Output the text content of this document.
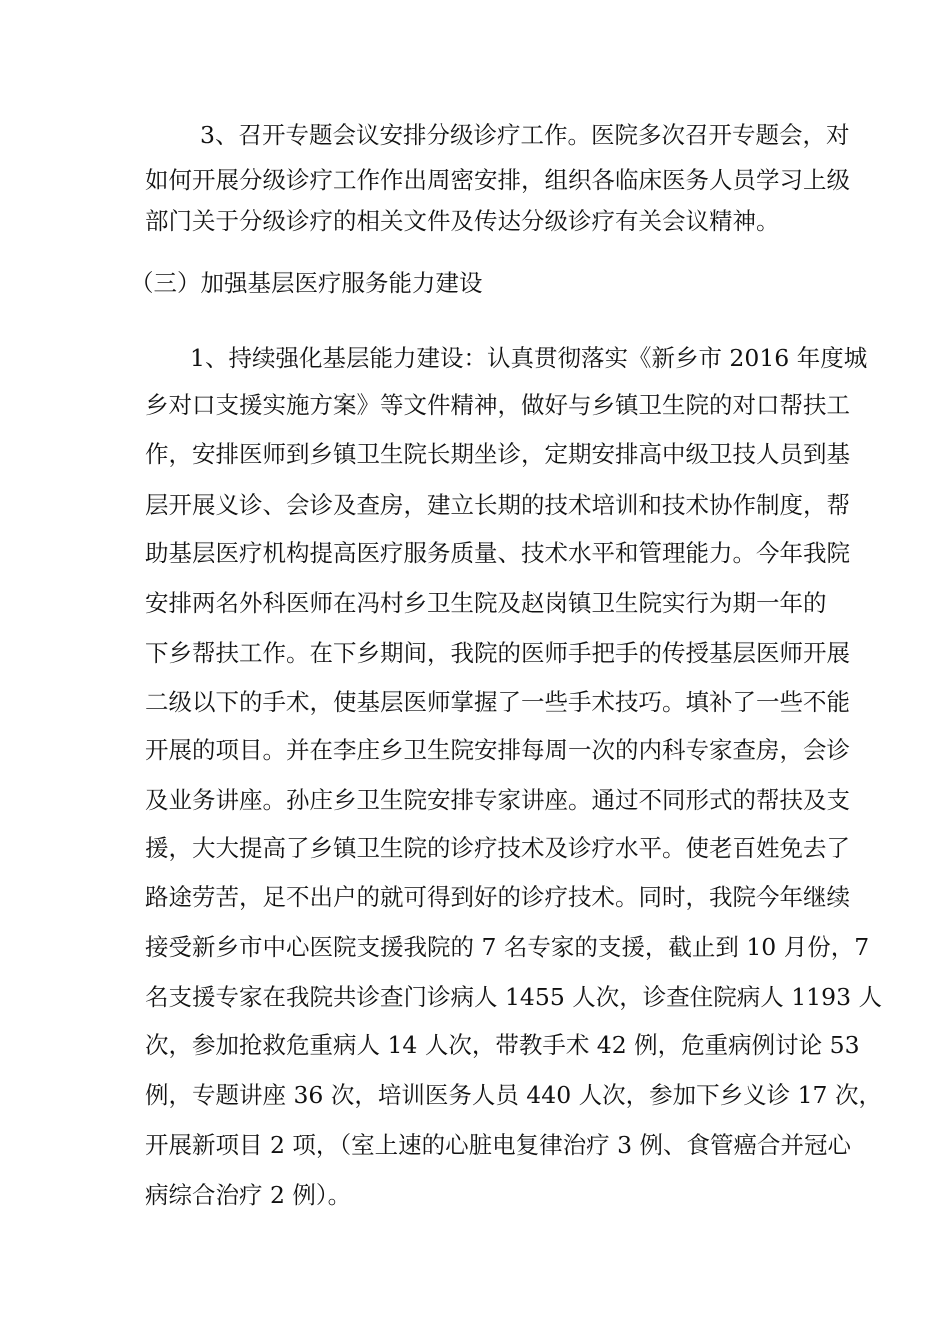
3、召开专题会议安排分级诊疗工作。医院多次召开专题会，对
如何开展分级诊疗工作作出周密安排，组织各临床医务人员学习上级
部门关于分级诊疗的相关文件及传达分级诊疗有关会议精神。
（三）加强基层医疗服务能力建设
1、持续强化基层能力建设：认真贯彻落实《新乡市 2016 年度城
乡对口支援实施方案》等文件精神，做好与乡镇卫生院的对口帮扶工
作，安排医师到乡镇卫生院长期坐诊，定期安排高中级卫技人员到基
层开展义诊、会诊及查房，建立长期的技术培训和技术协作制度，帮
助基层医疗机构提高医疗服务质量、技术水平和管理能力。今年我院
安排两名外科医师在冯村乡卫生院及赵岗镇卫生院实行为期一年的
下乡帮扶工作。在下乡期间，我院的医师手把手的传授基层医师开展
二级以下的手术，使基层医师掌握了一些手术技巧。填补了一些不能
开展的项目。并在李庄乡卫生院安排每周一次的内科专家查房，会诊
及业务讲座。孙庄乡卫生院安排专家讲座。通过不同形式的帮扶及支
援，大大提高了乡镇卫生院的诊疗技术及诊疗水平。使老百姓免去了
路途劳苦，足不出户的就可得到好的诊疗技术。同时，我院今年继续
接受新乡市中心医院支援我院的 7 名专家的支援，截止到 10 月份，7
名支援专家在我院共诊查门诊病人 1455 人次，诊查住院病人 1193 人
次，参加抢救危重病人 14 人次，带教手术 42 例，危重病例讨论 53
例，专题讲座 36 次，培训医务人员 440 人次，参加下乡义诊 17 次，
开展新项目 2 项，（室上速的心脏电复律治疗 3 例、食管癌合并冠心
病综合治疗 2 例）。
